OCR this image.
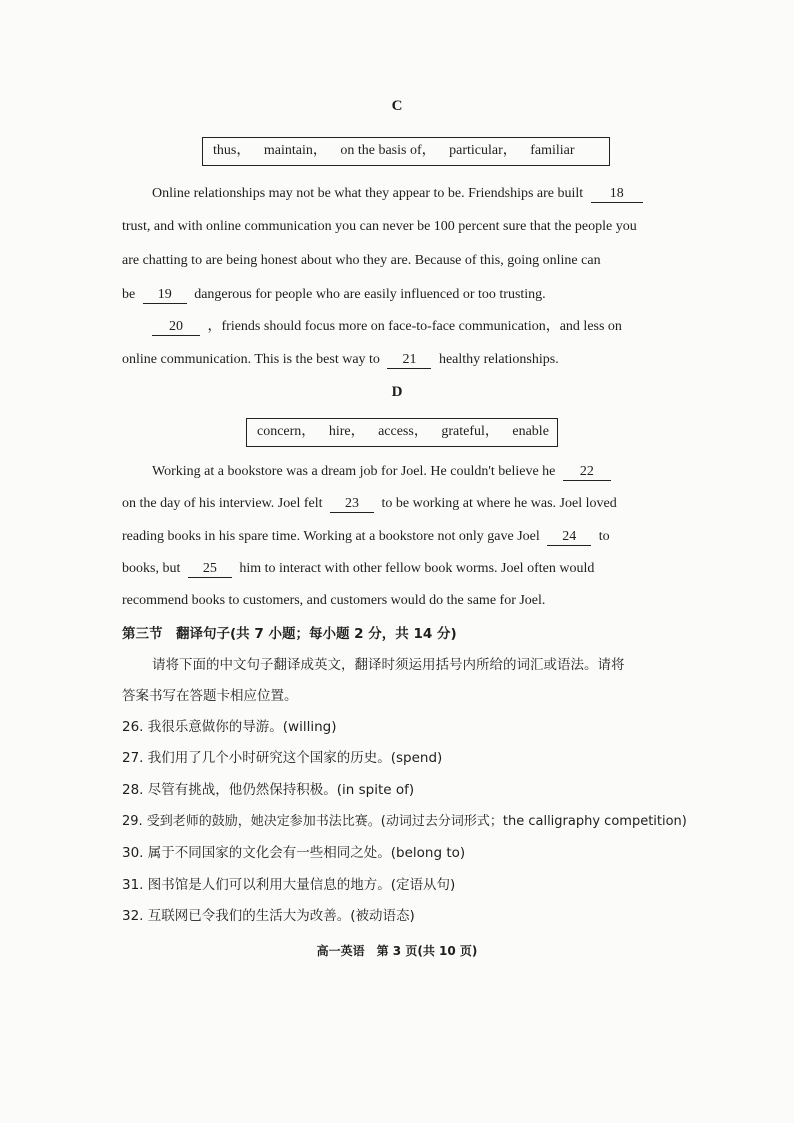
C
thus， maintain， on the basis of， particular， familiar
Online relationships may not be what they appear to be. Friendships are built 18
trust, and with online communication you can never be 100 percent sure that the people you
are chatting to are being honest about who they are. Because of this, going online can
be 19 dangerous for people who are easily influenced or too trusting.
20 ，friends should focus more on face-to-face communication，and less on
online communication. This is the best way to 21 healthy relationships.
D
concern， hire， access， grateful， enable
Working at a bookstore was a dream job for Joel. He couldn't believe he 22
on the day of his interview. Joel felt 23 to be working at where he was. Joel loved
reading books in his spare time. Working at a bookstore not only gave Joel 24 to
books, but 25 him to interact with other fellow book worms. Joel often would
recommend books to customers, and customers would do the same for Joel.
第三节　翻译句子(共 7 小题；每小题 2 分，共 14 分)
请将下面的中文句子翻译成英文，翻译时须运用括号内所给的词汇或语法。请将
答案书写在答题卡相应位置。
26. 我很乐意做你的导游。(willing)
27. 我们用了几个小时研究这个国家的历史。(spend)
28. 尽管有挑战，他仍然保持积极。(in spite of)
29. 受到老师的鼓励，她决定参加书法比赛。(动词过去分词形式；the calligraphy competition)
30. 属于不同国家的文化会有一些相同之处。(belong to)
31. 图书馆是人们可以利用大量信息的地方。(定语从句)
32. 互联网已令我们的生活大为改善。(被动语态)
高一英语　第 3 页(共 10 页)
